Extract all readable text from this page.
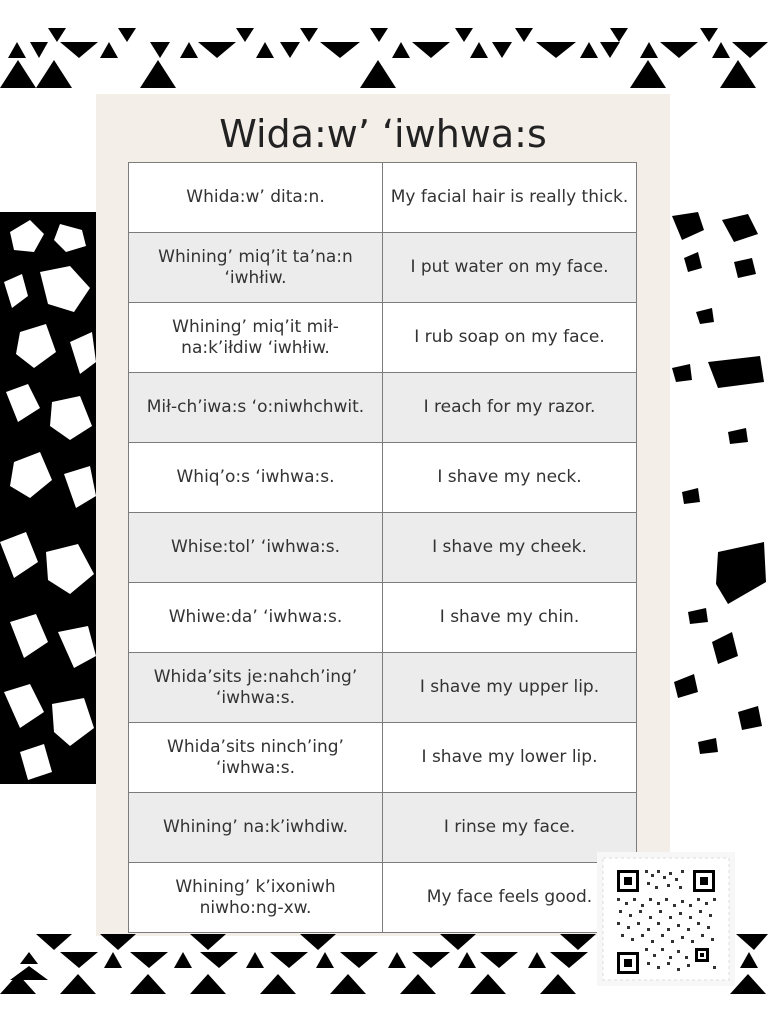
Wida:w’ ‘iwhwa:s
Whida:w’ dita:n.	My facial hair is really thick.
Whining’ miq’it ta’na:n ‘iwhłiw.	I put water on my face.
Whining’ miq’it mił-na:k’iłdiw ‘iwhłiw.	I rub soap on my face.
Mił-ch’iwa:s ‘o:niwhchwit.	I reach for my razor.
Whiq’o:s ‘iwhwa:s.	I shave my neck.
Whise:tol’ ‘iwhwa:s.	I shave my cheek.
Whiwe:da’ ‘iwhwa:s.	I shave my chin.
Whida’sits je:nahch’ing’ ‘iwhwa:s.	I shave my upper lip.
Whida’sits ninch’ing’ ‘iwhwa:s.	I shave my lower lip.
Whining’ na:k’iwhdiw.	I rinse my face.
Whining’ k’ixoniwh niwho:ng-xw.	My face feels good.
